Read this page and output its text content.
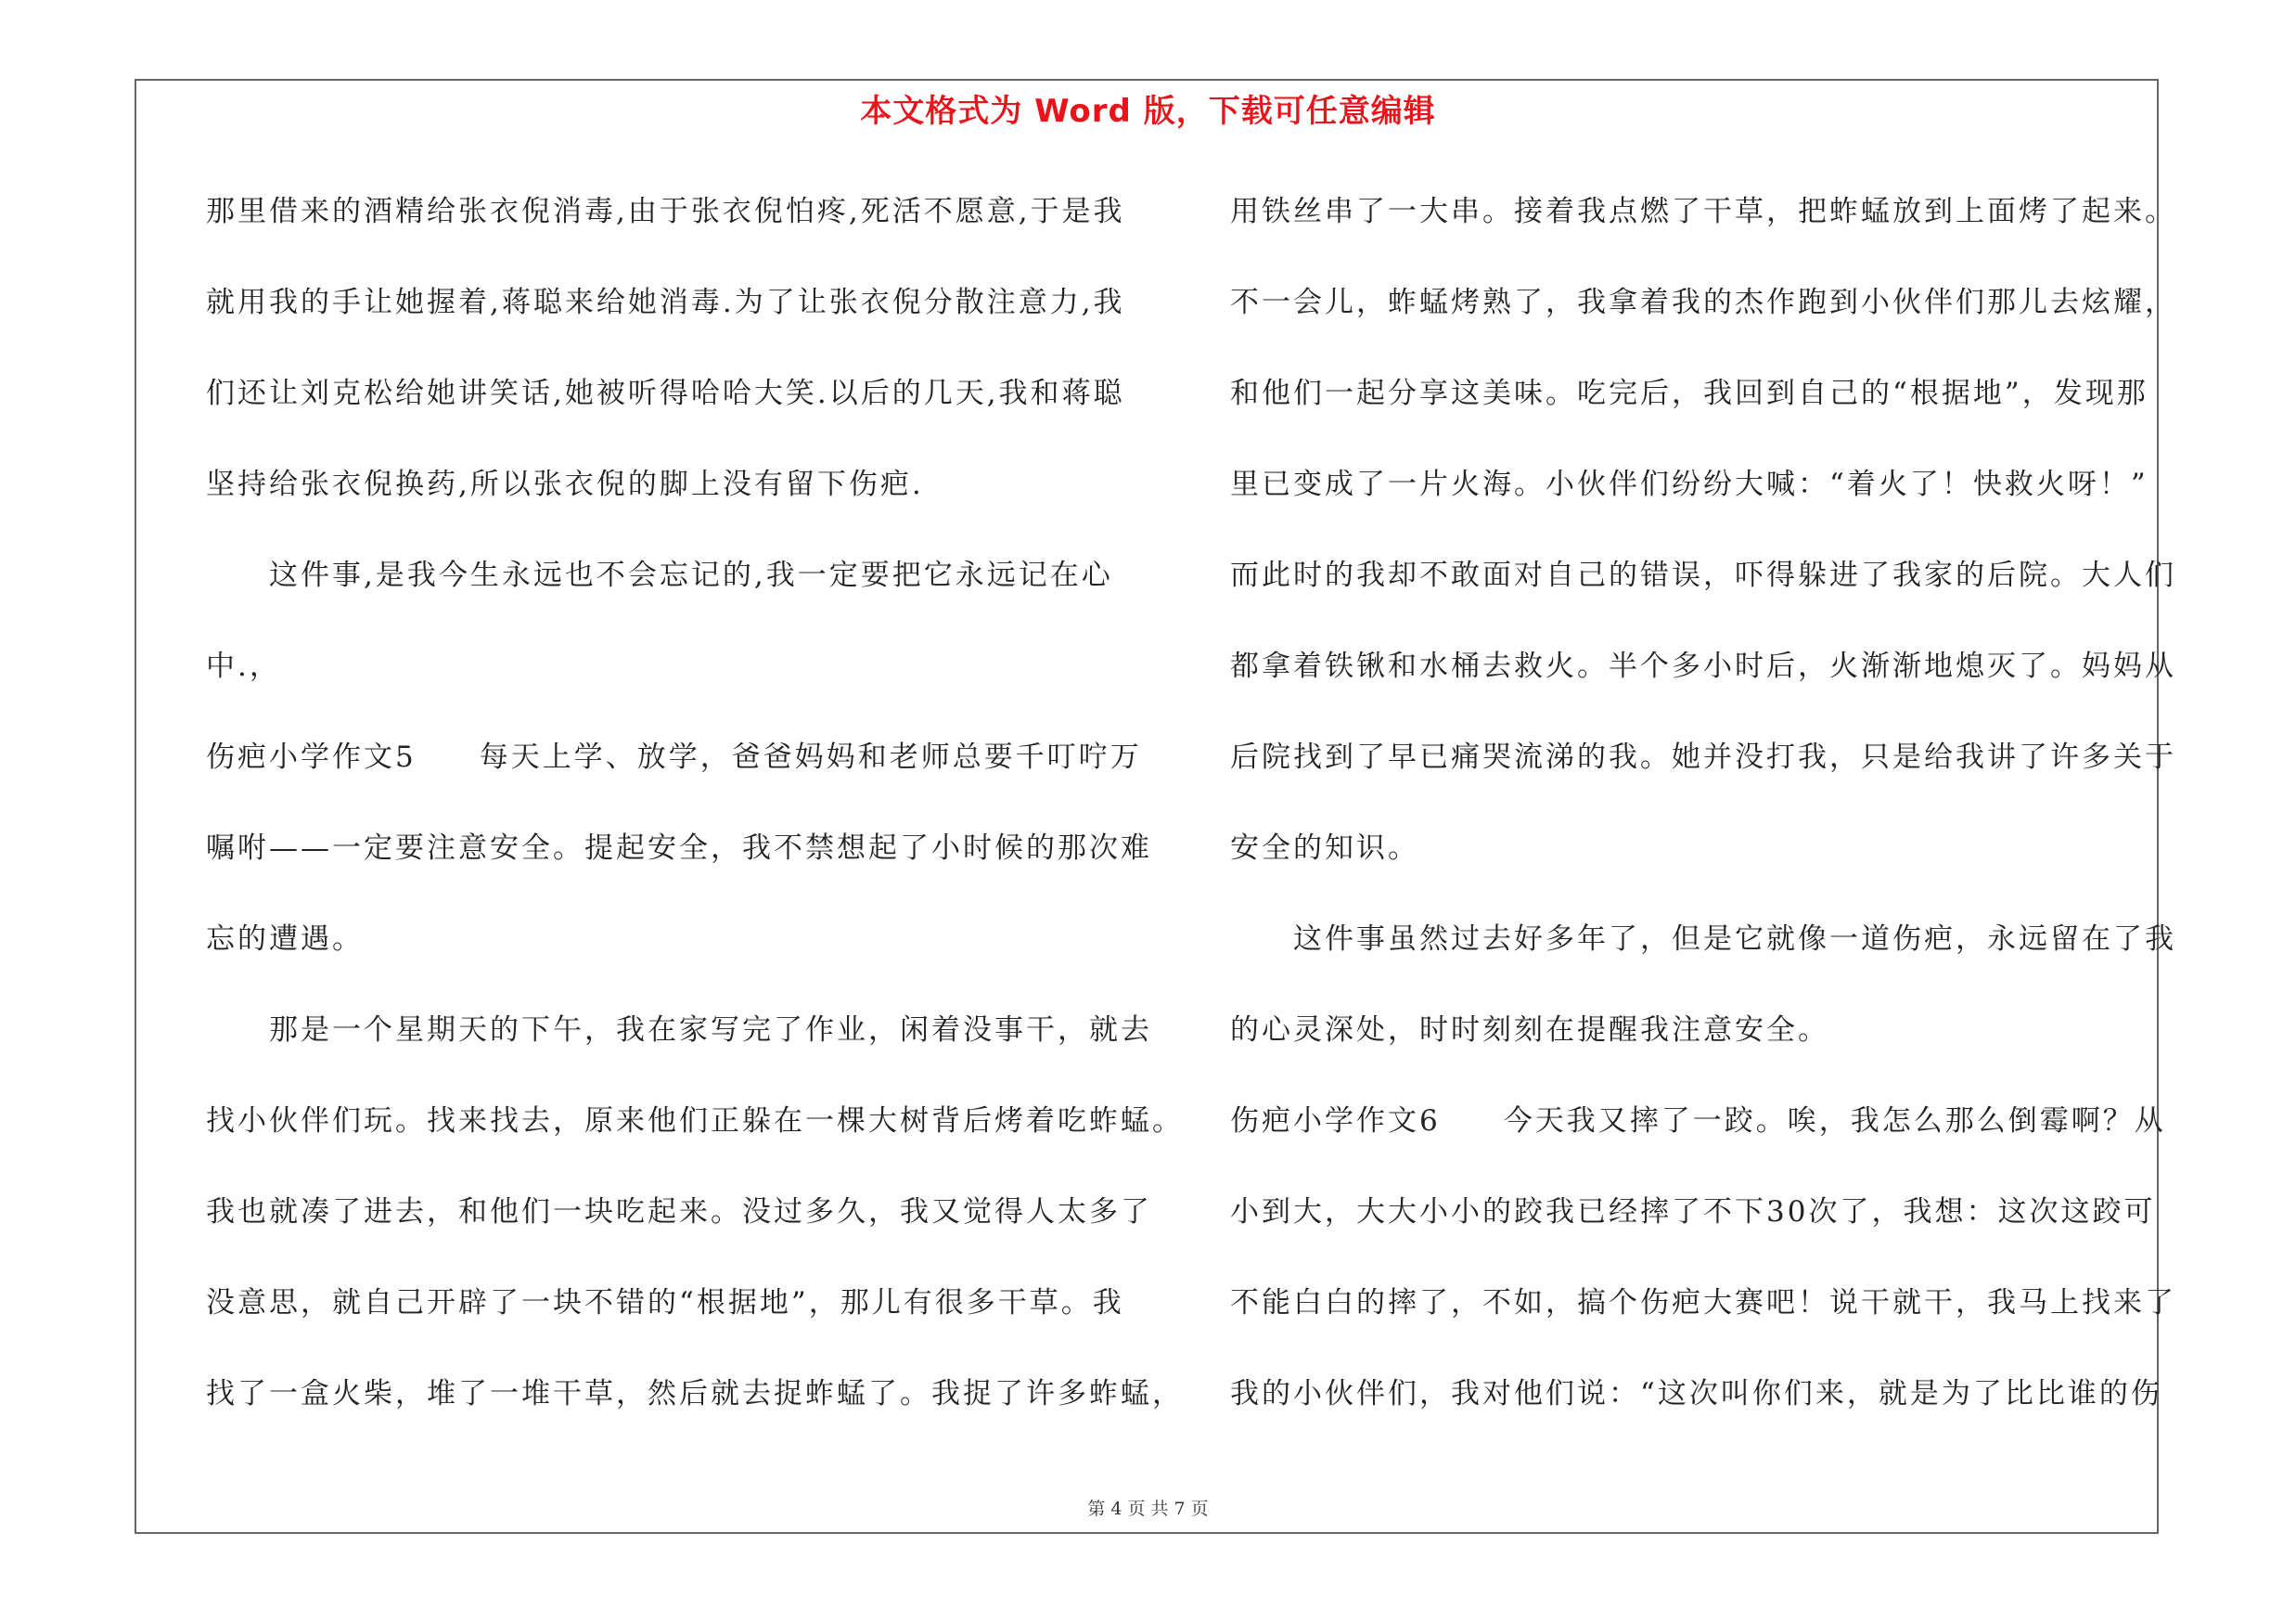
本文格式为 Word 版，下载可任意编辑
那里借来的酒精给张衣倪消毒,由于张衣倪怕疼,死活不愿意,于是我
就用我的手让她握着,蒋聪来给她消毒.为了让张衣倪分散注意力,我
们还让刘克松给她讲笑话,她被听得哈哈大笑.以后的几天,我和蒋聪
坚持给张衣倪换药,所以张衣倪的脚上没有留下伤疤.
　　这件事,是我今生永远也不会忘记的,我一定要把它永远记在心
中.，
伤疤小学作文5　　每天上学、放学，爸爸妈妈和老师总要千叮咛万
嘱咐——一定要注意安全。提起安全，我不禁想起了小时候的那次难
忘的遭遇。
　　那是一个星期天的下午，我在家写完了作业，闲着没事干，就去
找小伙伴们玩。找来找去，原来他们正躲在一棵大树背后烤着吃蚱蜢。
我也就凑了进去，和他们一块吃起来。没过多久，我又觉得人太多了
没意思，就自己开辟了一块不错的“根据地”，那儿有很多干草。我
找了一盒火柴，堆了一堆干草，然后就去捉蚱蜢了。我捉了许多蚱蜢，
用铁丝串了一大串。接着我点燃了干草，把蚱蜢放到上面烤了起来。
不一会儿，蚱蜢烤熟了，我拿着我的杰作跑到小伙伴们那儿去炫耀，
和他们一起分享这美味。吃完后，我回到自己的“根据地”，发现那
里已变成了一片火海。小伙伴们纷纷大喊：“着火了！快救火呀！”
而此时的我却不敢面对自己的错误，吓得躲进了我家的后院。大人们
都拿着铁锹和水桶去救火。半个多小时后，火渐渐地熄灭了。妈妈从
后院找到了早已痛哭流涕的我。她并没打我，只是给我讲了许多关于
安全的知识。
　　这件事虽然过去好多年了，但是它就像一道伤疤，永远留在了我
的心灵深处，时时刻刻在提醒我注意安全。
伤疤小学作文6　　今天我又摔了一跤。唉，我怎么那么倒霉啊？从
小到大，大大小小的跤我已经摔了不下30次了，我想：这次这跤可
不能白白的摔了，不如，搞个伤疤大赛吧！说干就干，我马上找来了
我的小伙伴们，我对他们说：“这次叫你们来，就是为了比比谁的伤
第 4 页 共 7 页
